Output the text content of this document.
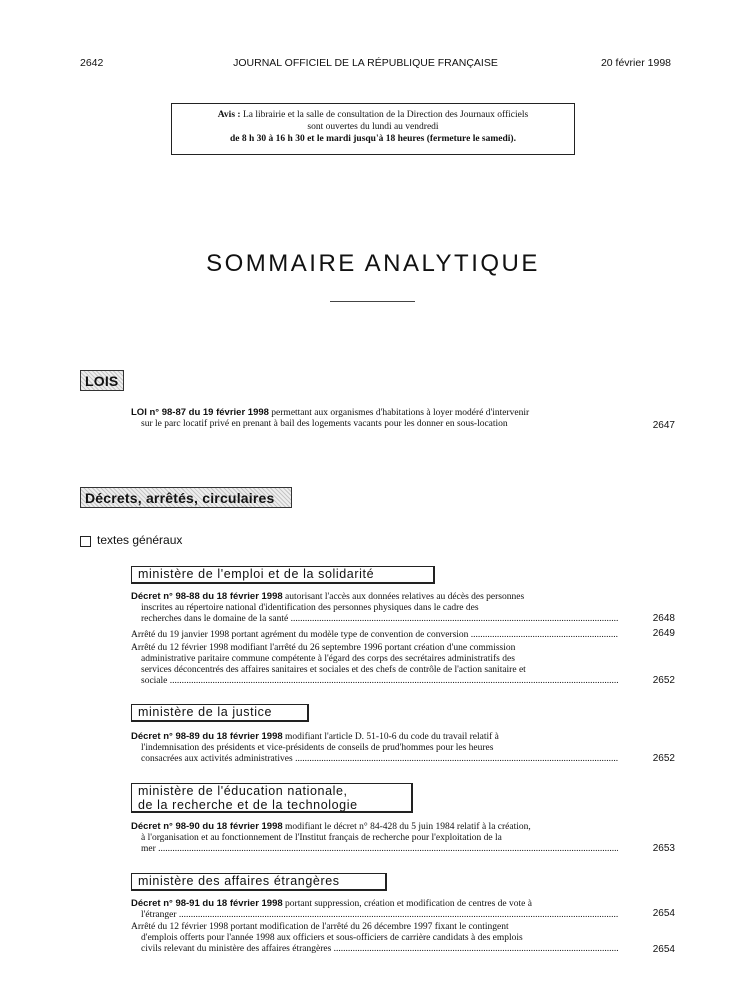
2642	JOURNAL OFFICIEL DE LA RÉPUBLIQUE FRANÇAISE	20 février 1998
Avis : La librairie et la salle de consultation de la Direction des Journaux officiels
sont ouvertes du lundi au vendredi
de 8 h 30 à 16 h 30 et le mardi jusqu'à 18 heures (fermeture le samedi).
SOMMAIRE ANALYTIQUE
LOIS
LOI n° 98-87 du 19 février 1998 permettant aux organismes d'habitations à loyer modéré d'intervenir
sur le parc locatif privé en prenant à bail des logements vacants pour les donner en sous-location	2647
Décrets, arrêtés, circulaires
textes généraux
ministère de l'emploi et de la solidarité
Décret n° 98-88 du 18 février 1998 autorisant l'accès aux données relatives au décès des personnes
inscrites au répertoire national d'identification des personnes physiques dans le cadre des
recherches dans le domaine de la santé .....	2648
Arrêté du 19 janvier 1998 portant agrément du modèle type de convention de conversion .....	2649
Arrêté du 12 février 1998 modifiant l'arrêté du 26 septembre 1996 portant création d'une commission
administrative paritaire commune compétente à l'égard des corps des secrétaires administratifs des
services déconcentrés des affaires sanitaires et sociales et des chefs de contrôle de l'action sanitaire et
sociale .....	2652
ministère de la justice
Décret n° 98-89 du 18 février 1998 modifiant l'article D. 51-10-6 du code du travail relatif à
l'indemnisation des présidents et vice-présidents de conseils de prud'hommes pour les heures
consacrées aux activités administratives .....	2652
ministère de l'éducation nationale,
de la recherche et de la technologie
Décret n° 98-90 du 18 février 1998 modifiant le décret n° 84-428 du 5 juin 1984 relatif à la création,
à l'organisation et au fonctionnement de l'Institut français de recherche pour l'exploitation de la
mer .....	2653
ministère des affaires étrangères
Décret n° 98-91 du 18 février 1998 portant suppression, création et modification de centres de vote à
l'étranger .....	2654
Arrêté du 12 février 1998 portant modification de l'arrêté du 26 décembre 1997 fixant le contingent
d'emplois offerts pour l'année 1998 aux officiers et sous-officiers de carrière candidats à des emplois
civils relevant du ministère des affaires étrangères .....	2654
